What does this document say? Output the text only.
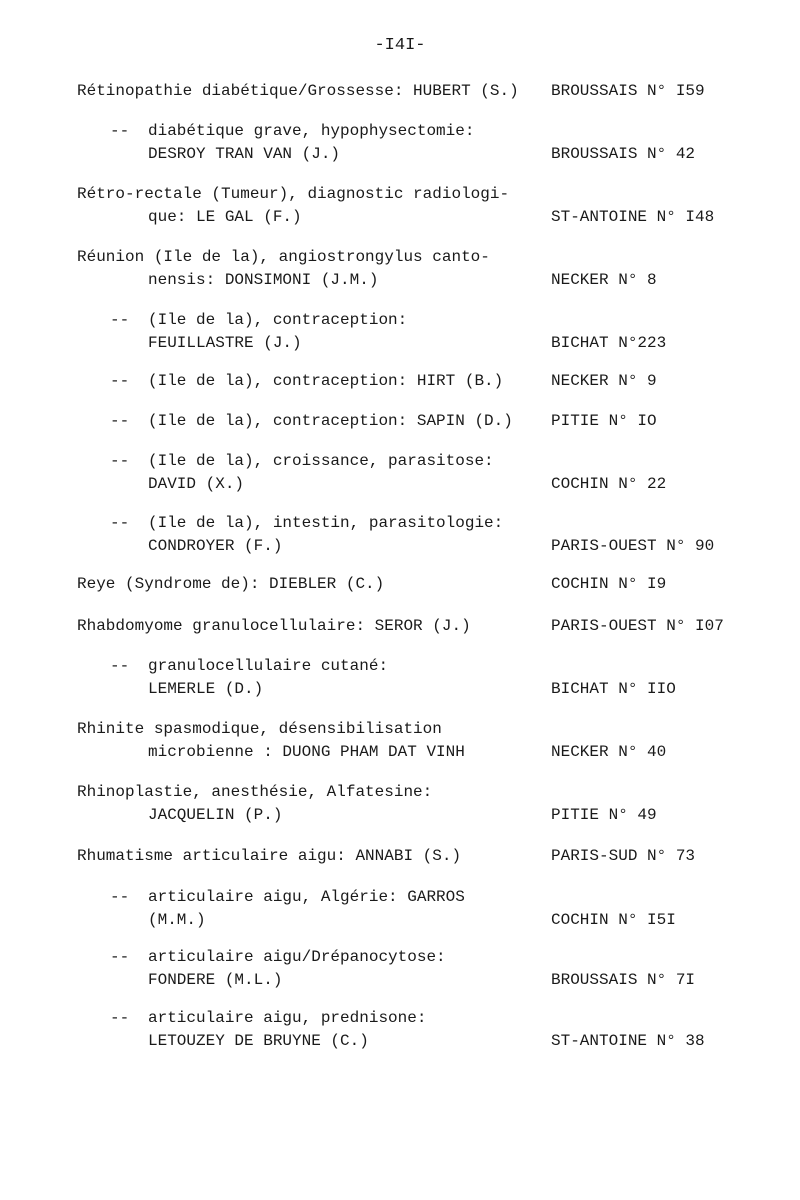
-I4I-
Rétinopathie diabétique/Grossesse: HUBERT (S.) BROUSSAIS N° I59
-- diabétique grave, hypophysectomie:
DESROY TRAN VAN (J.)	BROUSSAIS N° 42
Rétro-rectale (Tumeur), diagnostic radiologi-
que: LE GAL (F.)	ST-ANTOINE N° I48
Réunion (Ile de la), angiostrongylus canto-
nensis: DONSIMONI (J.M.)	NECKER N° 8
-- (Ile de la), contraception:
FEUILLASTRE (J.)	BICHAT N°223
-- (Ile de la), contraception: HIRT (B.)	NECKER N° 9
-- (Ile de la), contraception: SAPIN (D.) PITIE N° IO
-- (Ile de la), croissance, parasitose:
DAVID (X.)	COCHIN N° 22
-- (Ile de la), intestin, parasitologie:
CONDROYER (F.)	PARIS-OUEST N° 90
Reye (Syndrome de): DIEBLER (C.)	COCHIN N° I9
Rhabdomyome granulocellulaire: SEROR (J.)	PARIS-OUEST N° I07
-- granulocellulaire cutané:
LEMERLE (D.)	BICHAT N° IIO
Rhinite spasmodique, désensibilisation
microbienne : DUONG PHAM DAT VINH	NECKER N° 40
Rhinoplastie, anesthésie, Alfatesine:
JACQUELIN (P.)	PITIE N° 49
Rhumatisme articulaire aigu: ANNABI (S.)	PARIS-SUD N° 73
-- articulaire aigu, Algérie: GARROS
(M.M.)	COCHIN N° I5I
-- articulaire aigu/Drépanocytose:
FONDERE (M.L.)	BROUSSAIS N° 7I
-- articulaire aigu, prednisone:
LETOUZEY DE BRUYNE (C.)	ST-ANTOINE N° 38
